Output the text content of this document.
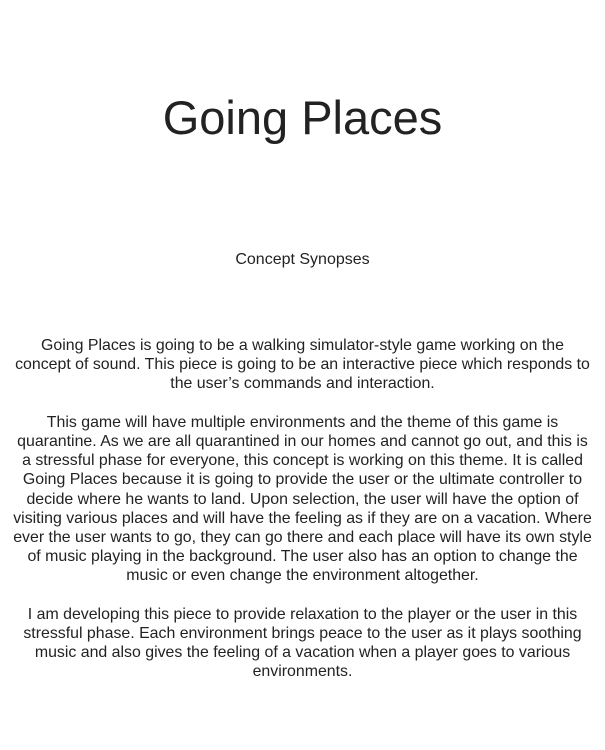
Going Places
Concept Synopses

Going Places is going to be a walking simulator-style game working on the concept of sound. This piece is going to be an interactive piece which responds to the user’s commands and interaction.

This game will have multiple environments and the theme of this game is quarantine. As we are all quarantined in our homes and cannot go out, and this is a stressful phase for everyone, this concept is working on this theme. It is called Going Places because it is going to provide the user or the ultimate controller to decide where he wants to land. Upon selection, the user will have the option of visiting various places and will have the feeling as if they are on a vacation. Where ever the user wants to go, they can go there and each place will have its own style of music playing in the background. The user also has an option to change the music or even change the environment altogether.

I am developing this piece to provide relaxation to the player or the user in this stressful phase. Each environment brings peace to the user as it plays soothing music and also gives the feeling of a vacation when a player goes to various environments.
